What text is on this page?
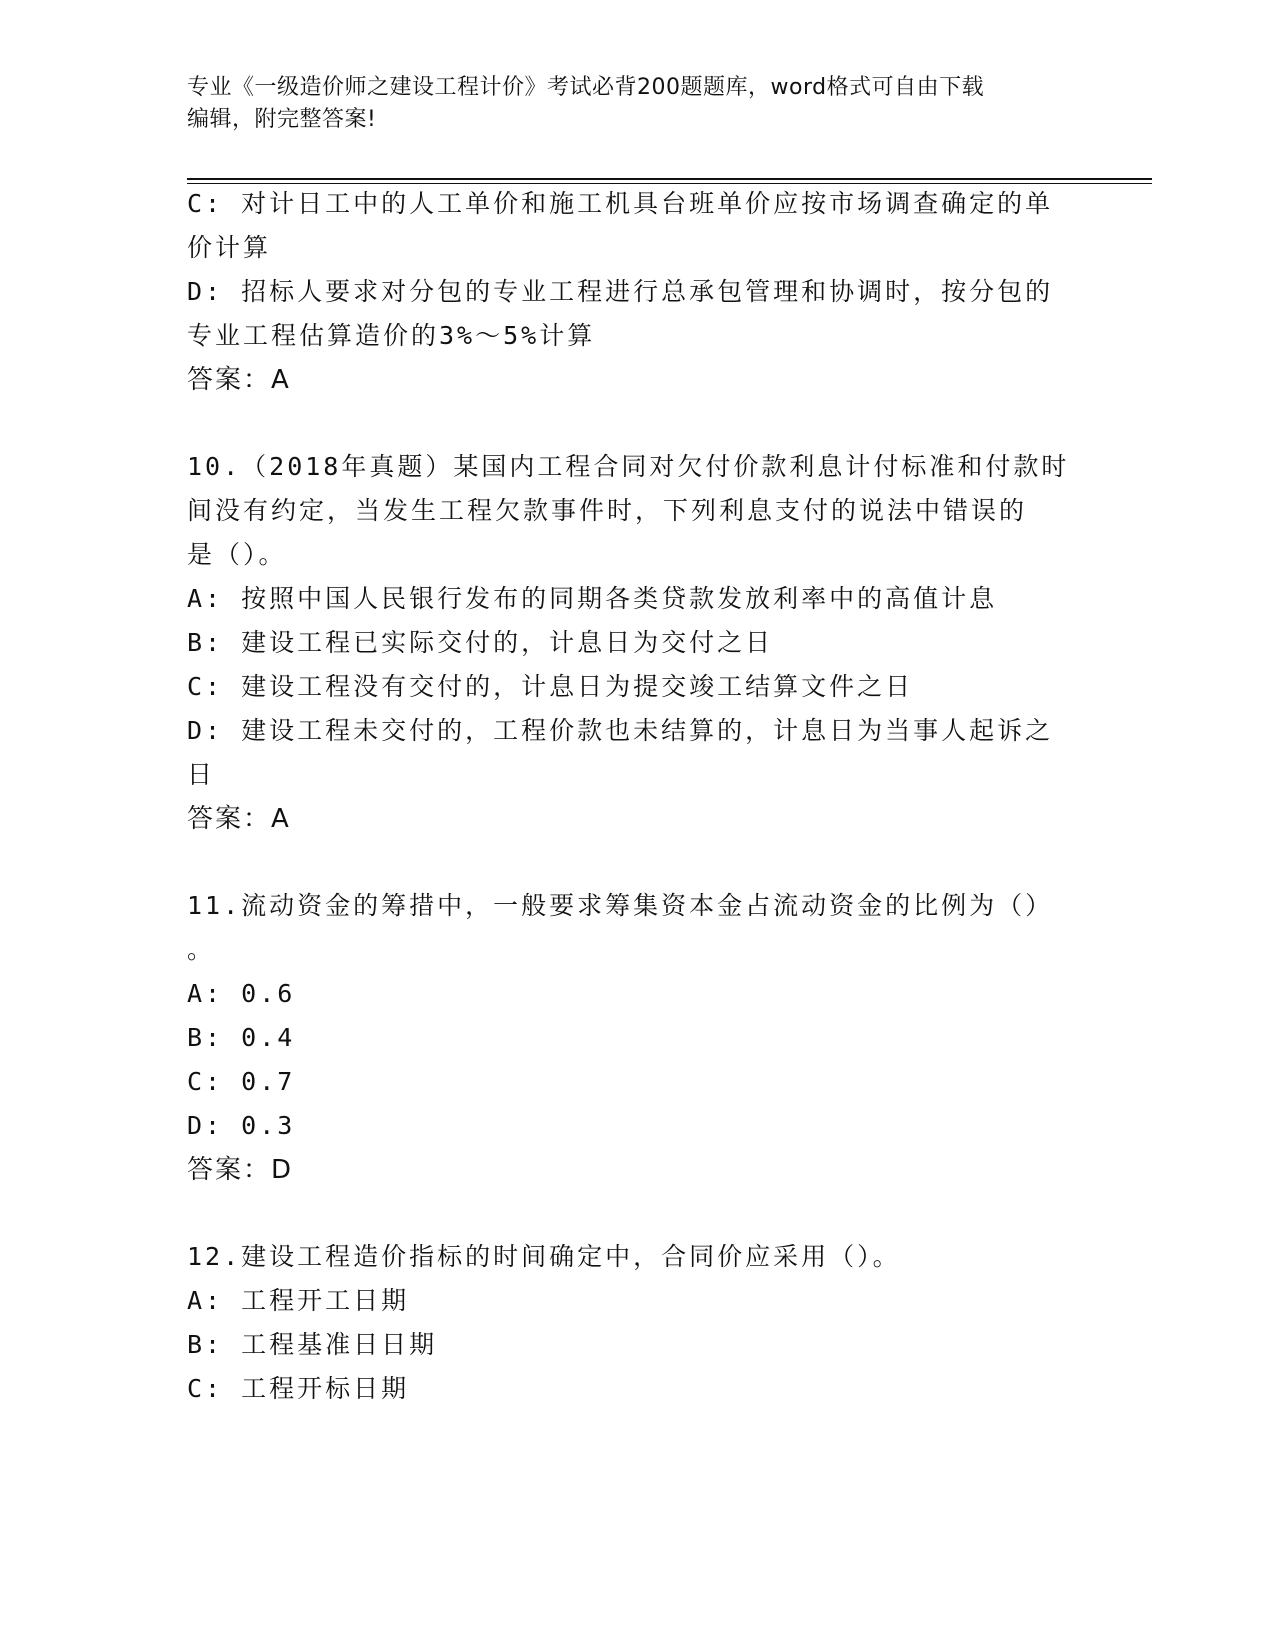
专业《一级造价师之建设工程计价》考试必背200题题库，word格式可自由下载
编辑，附完整答案!
C: 对计日工中的人工单价和施工机具台班单价应按市场调查确定的单
价计算
D: 招标人要求对分包的专业工程进行总承包管理和协调时，按分包的
专业工程估算造价的3%～5%计算
答案：A
10.（2018年真题）某国内工程合同对欠付价款利息计付标准和付款时
间没有约定，当发生工程欠款事件时，下列利息支付的说法中错误的
是（）。
A: 按照中国人民银行发布的同期各类贷款发放利率中的高值计息
B: 建设工程已实际交付的，计息日为交付之日
C: 建设工程没有交付的，计息日为提交竣工结算文件之日
D: 建设工程未交付的，工程价款也未结算的，计息日为当事人起诉之
日
答案：A
11.流动资金的筹措中，一般要求筹集资本金占流动资金的比例为（）
。
A: 0.6
B: 0.4
C: 0.7
D: 0.3
答案：D
12.建设工程造价指标的时间确定中，合同价应采用（）。
A: 工程开工日期
B: 工程基准日日期
C: 工程开标日期
